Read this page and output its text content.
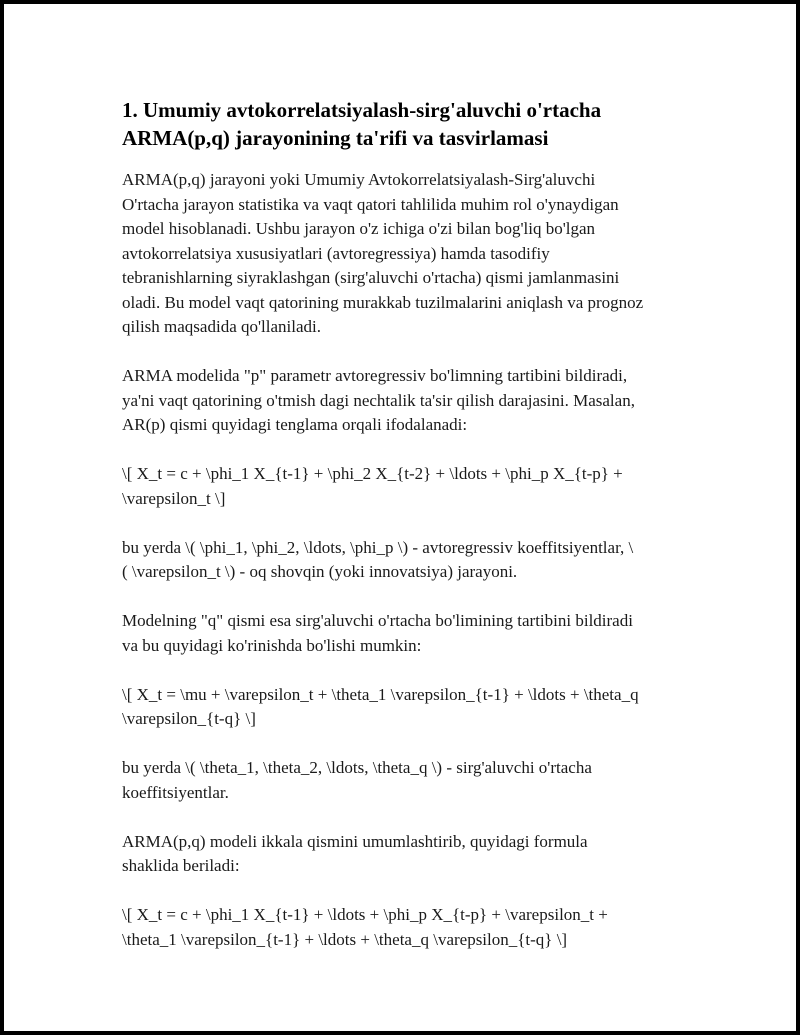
1. Umumiy avtokorrelatsiyalash-sirg'aluvchi o'rtacha
ARMA(p,q) jarayonining ta'rifi va tasvirlamasi

ARMA(p,q) jarayoni yoki Umumiy Avtokorrelatsiyalash-Sirg'aluvchi
O'rtacha jarayon statistika va vaqt qatori tahlilida muhim rol o'ynaydigan
model hisoblanadi. Ushbu jarayon o'z ichiga o'zi bilan bog'liq bo'lgan
avtokorrelatsiya xususiyatlari (avtoregressiya) hamda tasodifiy
tebranishlarning siyraklashgan (sirg'aluvchi o'rtacha) qismi jamlanmasini
oladi. Bu model vaqt qatorining murakkab tuzilmalarini aniqlash va prognoz
qilish maqsadida qo'llaniladi.

ARMA modelida "p" parametr avtoregressiv bo'limning tartibini bildiradi,
ya'ni vaqt qatorining o'tmish dagi nechtalik ta'sir qilish darajasini. Masalan,
AR(p) qismi quyidagi tenglama orqali ifodalanadi:

\[ X_t = c + \phi_1 X_{t-1} + \phi_2 X_{t-2} + \ldots + \phi_p X_{t-p} +
\varepsilon_t \]

bu yerda \( \phi_1, \phi_2, \ldots, \phi_p \) - avtoregressiv koeffitsiyentlar, \
( \varepsilon_t \) - oq shovqin (yoki innovatsiya) jarayoni.

Modelning "q" qismi esa sirg'aluvchi o'rtacha bo'limining tartibini bildiradi
va bu quyidagi ko'rinishda bo'lishi mumkin:

\[ X_t = \mu + \varepsilon_t + \theta_1 \varepsilon_{t-1} + \ldots + \theta_q
\varepsilon_{t-q} \]

bu yerda \( \theta_1, \theta_2, \ldots, \theta_q \) - sirg'aluvchi o'rtacha
koeffitsiyentlar.

ARMA(p,q) modeli ikkala qismini umumlashtirib, quyidagi formula
shaklida beriladi:

\[ X_t = c + \phi_1 X_{t-1} + \ldots + \phi_p X_{t-p} + \varepsilon_t +
\theta_1 \varepsilon_{t-1} + \ldots + \theta_q \varepsilon_{t-q} \]
